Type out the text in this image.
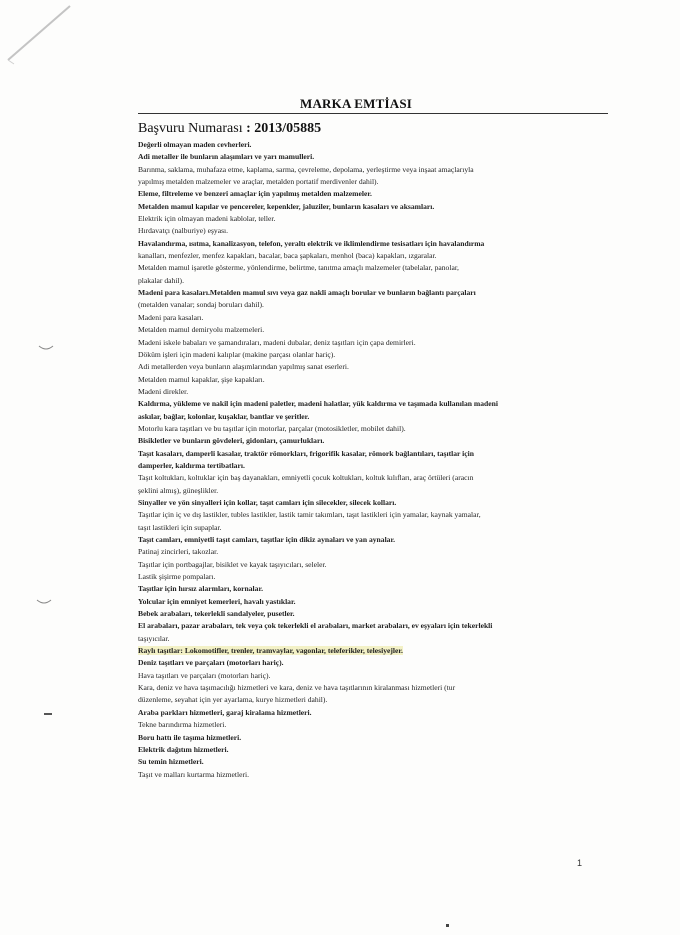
MARKA EMTİASI
Başvuru Numarası : 2013/05885
Değerli olmayan maden cevherleri.
Adi metaller ile bunların alaşımları ve yarı mamulleri.
Barınma, saklama, muhafaza etme, kaplama, sarma, çevreleme, depolama, yerleştirme veya inşaat amaçlarıyla
yapılmış metalden malzemeler ve araçlar, metalden portatif merdivenler dahil).
Eleme, filtreleme ve benzeri amaçlar için yapılmış metalden malzemeler.
Metalden mamul kapılar ve pencereler, kepenkler, jaluziler, bunların kasaları ve aksamları.
Elektrik için olmayan madeni kablolar, teller.
Hırdavatçı (nalburiye) eşyası.
Havalandırma, ısıtma, kanalizasyon, telefon, yeraltı elektrik ve iklimlendirme tesisatları için havalandırma
kanalları, menfezler, menfez kapakları, bacalar, baca şapkaları, menhol (baca) kapakları, ızgaralar.
Metalden mamul işaretle gösterme, yönlendirme, belirtme, tanıtma amaçlı malzemeler (tabelalar, panolar,
plakalar dahil).
Madeni para kasaları.Metalden mamul sıvı veya gaz nakli amaçlı borular ve bunların bağlantı parçaları
(metalden vanalar; sondaj boruları dahil).
Madeni para kasaları.
Metalden mamul demiryolu malzemeleri.
Madeni iskele babaları ve şamandıraları, madeni dubalar, deniz taşıtları için çapa demirleri.
Döküm işleri için madeni kalıplar (makine parçası olanlar hariç).
Adi metallerden veya bunların alaşımlarından yapılmış sanat eserleri.
Metalden mamul kapaklar, şişe kapakları.
Madeni direkler.
Kaldırma, yükleme ve nakil için madeni paletler, madeni halatlar, yük kaldırma ve taşımada kullanılan madeni
askılar, bağlar, kolonlar, kuşaklar, bantlar ve şeritler.
Motorlu kara taşıtları ve bu taşıtlar için motorlar, parçalar (motosikletler, mobilet dahil).
Bisikletler ve bunların gövdeleri, gidonları, çamurlukları.
Taşıt kasaları, damperli kasalar, traktör römorkları, frigorifik kasalar, römork bağlantıları, taşıtlar için
damperler, kaldırma tertibatları.
Taşıt koltukları, koltuklar için baş dayanakları, emniyetli çocuk koltukları, koltuk kılıfları, araç örtüleri (aracın
şeklini almış), güneşlikler.
Sinyaller ve yön sinyalleri için kollar, taşıt camları için silecekler, silecek kolları.
Taşıtlar için iç ve dış lastikler, tubles lastikler, lastik tamir takımları, taşıt lastikleri için yamalar, kaynak yamalar,
taşıt lastikleri için supaplar.
Taşıt camları, emniyetli taşıt camları, taşıtlar için dikiz aynaları ve yan aynalar.
Patinaj zincirleri, takozlar.
Taşıtlar için portbagajlar, bisiklet ve kayak taşıyıcıları, seleler.
Lastik şişirme pompaları.
Taşıtlar için hırsız alarmları, kornalar.
Yolcular için emniyet kemerleri, havalı yastıklar.
Bebek arabaları, tekerlekli sandalyeler, pusetler.
El arabaları, pazar arabaları, tek veya çok tekerlekli el arabaları, market arabaları, ev eşyaları için tekerlekli
taşıyıcılar.
Raylı taşıtlar: Lokomotifler, trenler, tramvaylar, vagonlar, teleferikler, telesiyejler.
Deniz taşıtları ve parçaları (motorları hariç).
Hava taşıtları ve parçaları (motorları hariç).
Kara, deniz ve hava taşımacılığı hizmetleri ve kara, deniz ve hava taşıtlarının kiralanması hizmetleri (tur
düzenleme, seyahat için yer ayarlama, kurye hizmetleri dahil).
Araba parkları hizmetleri, garaj kiralama hizmetleri.
Tekne barındırma hizmetleri.
Boru hattı ile taşıma hizmetleri.
Elektrik dağıtım hizmetleri.
Su temin hizmetleri.
Taşıt ve malları kurtarma hizmetleri.
1
